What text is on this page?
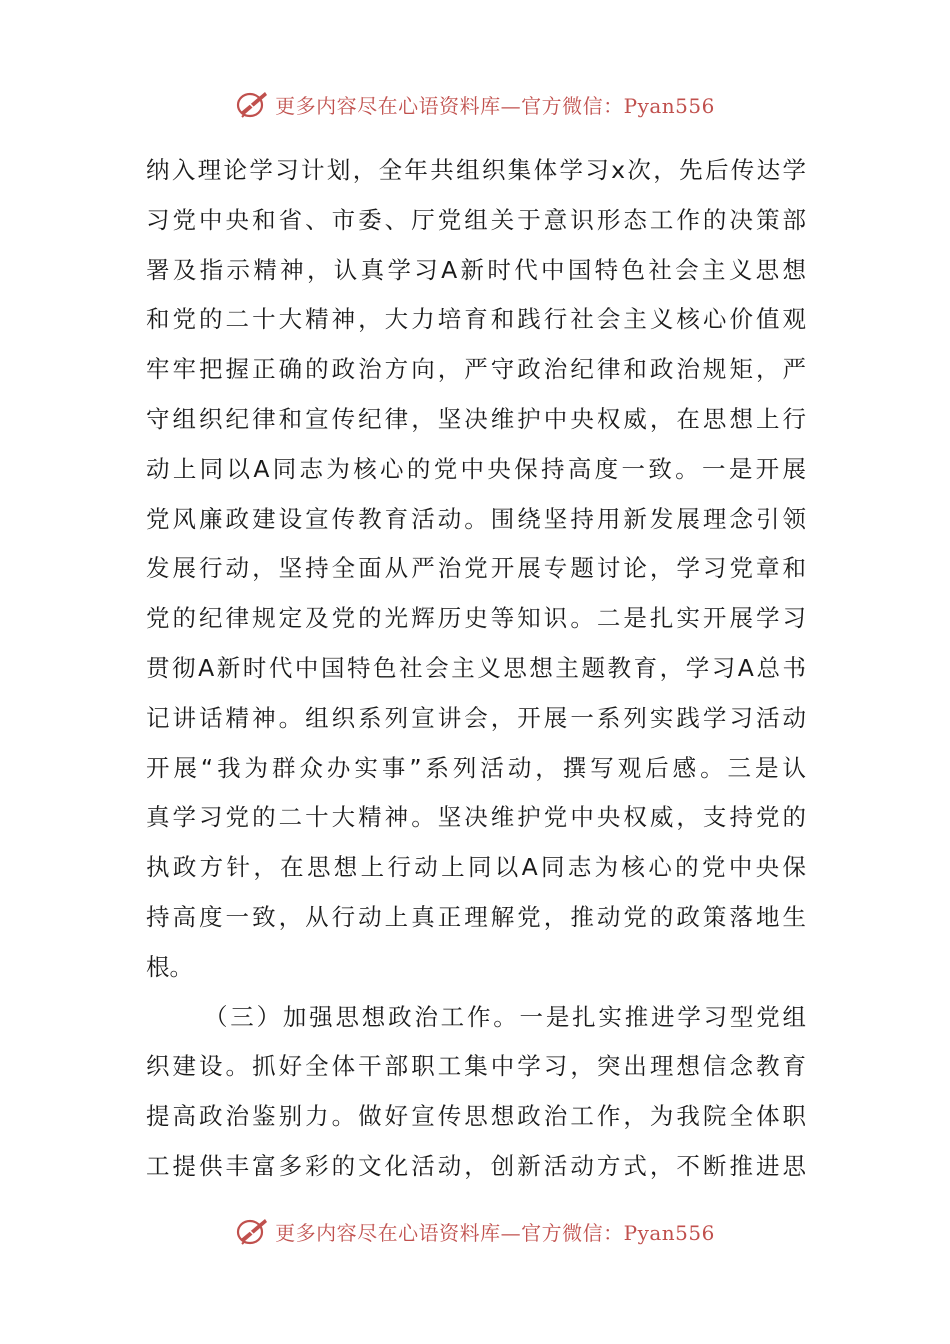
更多内容尽在心语资料库—官方微信：Pyan556
纳入理论学习计划，全年共组织集体学习x次，先后传达学
习党中央和省、市委、厅党组关于意识形态工作的决策部
署及指示精神，认真学习A新时代中国特色社会主义思想
和党的二十大精神，大力培育和践行社会主义核心价值观
牢牢把握正确的政治方向，严守政治纪律和政治规矩，严
守组织纪律和宣传纪律，坚决维护中央权威，在思想上行
动上同以A同志为核心的党中央保持高度一致。一是开展
党风廉政建设宣传教育活动。围绕坚持用新发展理念引领
发展行动，坚持全面从严治党开展专题讨论，学习党章和
党的纪律规定及党的光辉历史等知识。二是扎实开展学习
贯彻A新时代中国特色社会主义思想主题教育，学习A总书
记讲话精神。组织系列宣讲会，开展一系列实践学习活动
开展“我为群众办实事”系列活动，撰写观后感。三是认
真学习党的二十大精神。坚决维护党中央权威，支持党的
执政方针，在思想上行动上同以A同志为核心的党中央保
持高度一致，从行动上真正理解党，推动党的政策落地生
根。
（三）加强思想政治工作。一是扎实推进学习型党组
织建设。抓好全体干部职工集中学习，突出理想信念教育
提高政治鉴别力。做好宣传思想政治工作，为我院全体职
工提供丰富多彩的文化活动，创新活动方式，不断推进思
更多内容尽在心语资料库—官方微信：Pyan556
